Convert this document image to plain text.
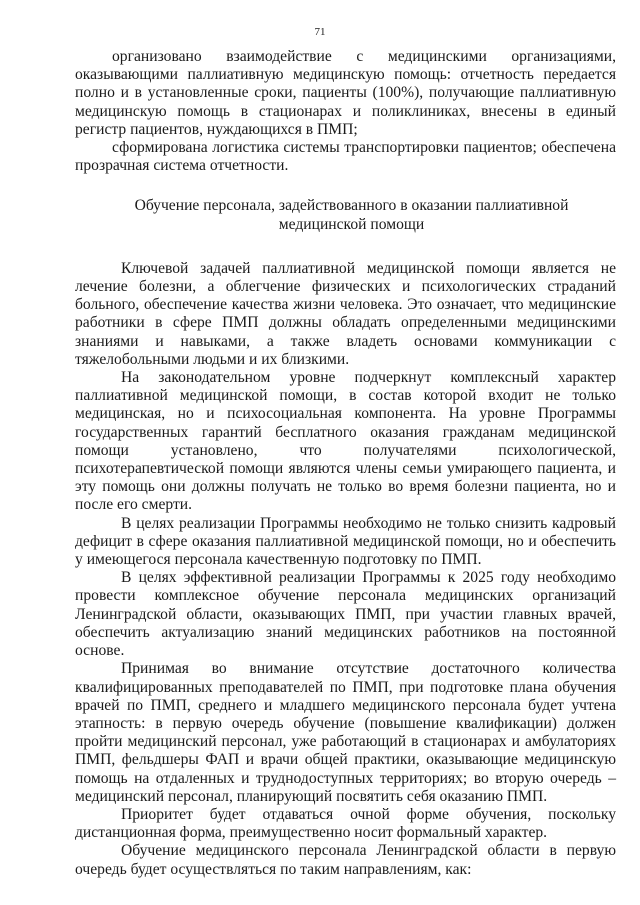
71

организовано взаимодействие с медицинскими организациями, оказывающими паллиативную медицинскую помощь: отчетность передается полно и в установленные сроки, пациенты (100%), получающие паллиативную медицинскую помощь в стационарах и поликлиниках, внесены в единый регистр пациентов, нуждающихся в ПМП;

сформирована логистика системы транспортировки пациентов; обеспечена прозрачная система отчетности.

Обучение персонала, задействованного в оказании паллиативной медицинской помощи

Ключевой задачей паллиативной медицинской помощи является не лечение болезни, а облегчение физических и психологических страданий больного, обеспечение качества жизни человека. Это означает, что медицинские работники в сфере ПМП должны обладать определенными медицинскими знаниями и навыками, а также владеть основами коммуникации с тяжелобольными людьми и их близкими.

На законодательном уровне подчеркнут комплексный характер паллиативной медицинской помощи, в состав которой входит не только медицинская, но и психосоциальная компонента. На уровне Программы государственных гарантий бесплатного оказания гражданам медицинской помощи установлено, что получателями психологической, психотерапевтической помощи являются члены семьи умирающего пациента, и эту помощь они должны получать не только во время болезни пациента, но и после его смерти.

В целях реализации Программы необходимо не только снизить кадровый дефицит в сфере оказания паллиативной медицинской помощи, но и обеспечить у имеющегося персонала качественную подготовку по ПМП.

В целях эффективной реализации Программы к 2025 году необходимо провести комплексное обучение персонала медицинских организаций Ленинградской области, оказывающих ПМП, при участии главных врачей, обеспечить актуализацию знаний медицинских работников на постоянной основе.

Принимая во внимание отсутствие достаточного количества квалифицированных преподавателей по ПМП, при подготовке плана обучения врачей по ПМП, среднего и младшего медицинского персонала будет учтена этапность: в первую очередь обучение (повышение квалификации) должен пройти медицинский персонал, уже работающий в стационарах и амбулаториях ПМП, фельдшеры ФАП и врачи общей практики, оказывающие медицинскую помощь на отдаленных и труднодоступных территориях; во вторую очередь – медицинский персонал, планирующий посвятить себя оказанию ПМП.

Приоритет будет отдаваться очной форме обучения, поскольку дистанционная форма, преимущественно носит формальный характер.

Обучение медицинского персонала Ленинградской области в первую очередь будет осуществляться по таким направлениям, как:
